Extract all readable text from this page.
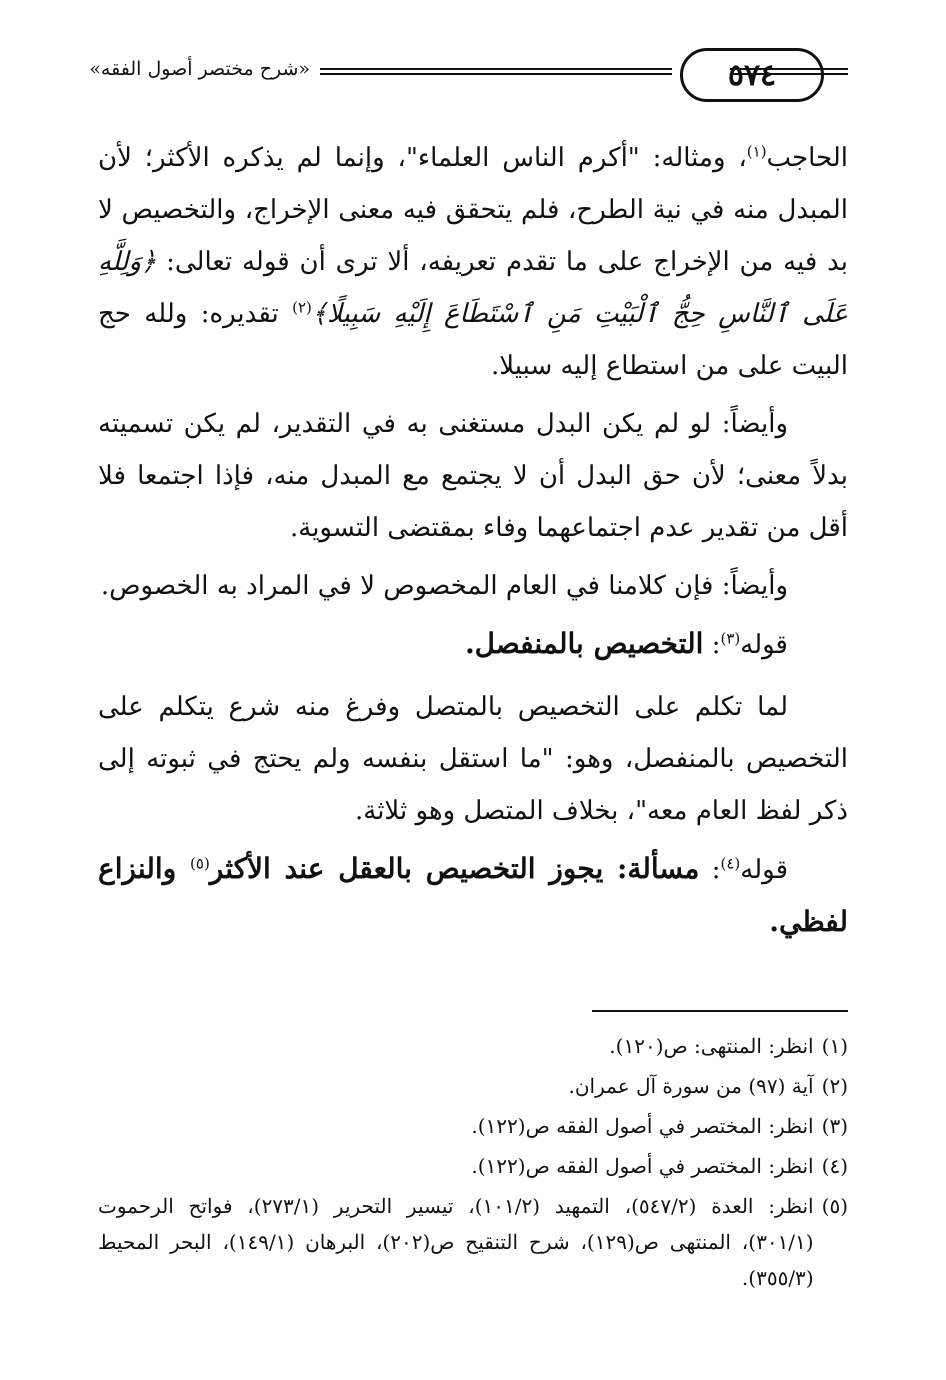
٥٧٤
«شرح مختصر أصول الفقه»

الحاجب$^{(١)}$، ومثاله: "أكرم الناس العلماء"، وإنما لم يذكره الأكثر؛ لأن المبدل منه في نية الطرح، فلم يتحقق فيه معنى الإخراج، والتخصيص لا بد فيه من الإخراج على ما تقدم تعريفه، ألا ترى أن قوله تعالى: ﴿وَلِلَّهِ عَلَى ٱلنَّاسِ حِجُّ ٱلْبَيْتِ مَنِ ٱسْتَطَاعَ إِلَيْهِ سَبِيلًا﴾$^{(٢)}$ تقديره: ولله حج البيت على من استطاع إليه سبيلا.

وأيضاً: لو لم يكن البدل مستغنى به في التقدير، لم يكن تسميته بدلاً معنى؛ لأن حق البدل أن لا يجتمع مع المبدل منه، فإذا اجتمعا فلا أقل من تقدير عدم اجتماعهما وفاء بمقتضى التسوية.

وأيضاً: فإن كلامنا في العام المخصوص لا في المراد به الخصوص.

قوله$^{(٣)}$: التخصيص بالمنفصل.

لما تكلم على التخصيص بالمتصل وفرغ منه شرع يتكلم على التخصيص بالمنفصل، وهو: "ما استقل بنفسه ولم يحتج في ثبوته إلى ذكر لفظ العام معه"، بخلاف المتصل وهو ثلاثة.

قوله$^{(٤)}$: مسألة: يجوز التخصيص بالعقل عند الأكثر$^{(٥)}$ والنزاع لفظي.

(١)
انظر: المنتهى: ص(١٢٠).
(٢)
آية (٩٧) من سورة آل عمران.
(٣)
انظر: المختصر في أصول الفقه ص(١٢٢).
(٤)
انظر: المختصر في أصول الفقه ص(١٢٢).
(٥)
انظر: العدة (٥٤٧/٢)، التمهيد (١٠١/٢)، تيسير التحرير (٢٧٣/١)، فواتح الرحموت (٣٠١/١)، المنتهى ص(١٢٩)، شرح التنقيح ص(٢٠٢)، البرهان (١٤٩/١)، البحر المحيط (٣٥٥/٣).
